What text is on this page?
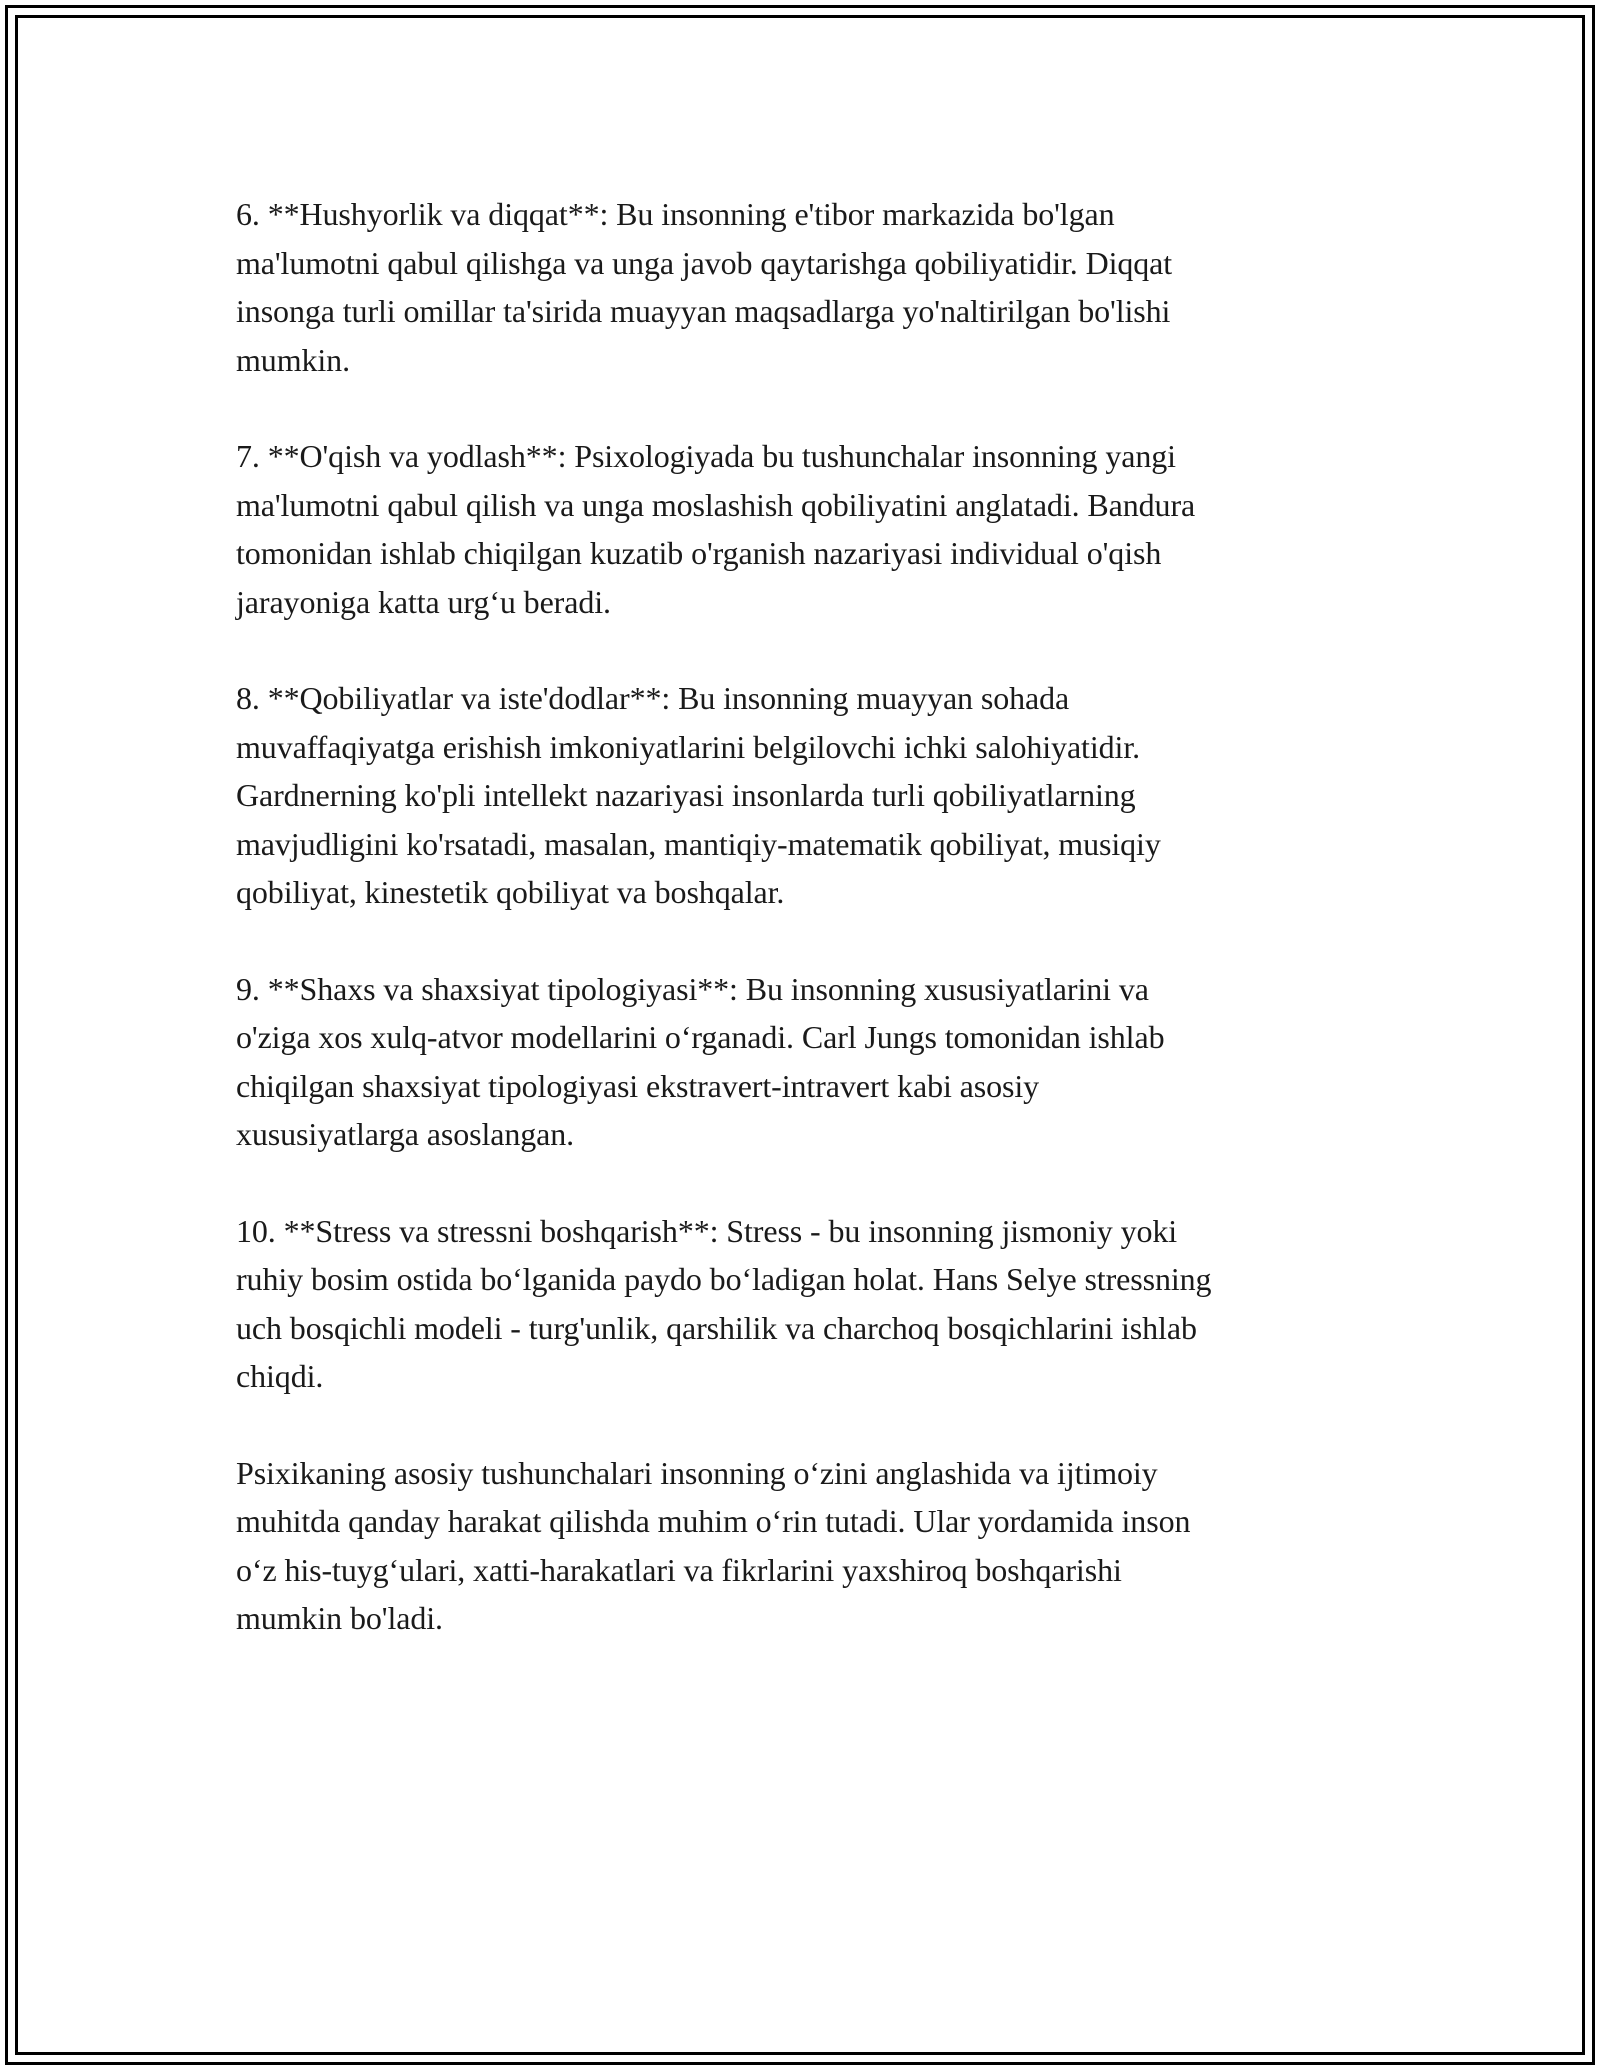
6. **Hushyorlik va diqqat**: Bu insonning e'tibor markazida bo'lgan
ma'lumotni qabul qilishga va unga javob qaytarishga qobiliyatidir. Diqqat
insonga turli omillar ta'sirida muayyan maqsadlarga yo'naltirilgan bo'lishi
mumkin.

7. **O'qish va yodlash**: Psixologiyada bu tushunchalar insonning yangi
ma'lumotni qabul qilish va unga moslashish qobiliyatini anglatadi. Bandura
tomonidan ishlab chiqilgan kuzatib o'rganish nazariyasi individual o'qish
jarayoniga katta urg‘u beradi.

8. **Qobiliyatlar va iste'dodlar**: Bu insonning muayyan sohada
muvaffaqiyatga erishish imkoniyatlarini belgilovchi ichki salohiyatidir.
Gardnerning ko'pli intellekt nazariyasi insonlarda turli qobiliyatlarning
mavjudligini ko'rsatadi, masalan, mantiqiy-matematik qobiliyat, musiqiy
qobiliyat, kinestetik qobiliyat va boshqalar.

9. **Shaxs va shaxsiyat tipologiyasi**: Bu insonning xususiyatlarini va
o'ziga xos xulq-atvor modellarini o‘rganadi. Carl Jungs tomonidan ishlab
chiqilgan shaxsiyat tipologiyasi ekstravert-intravert kabi asosiy
xususiyatlarga asoslangan.

10. **Stress va stressni boshqarish**: Stress - bu insonning jismoniy yoki
ruhiy bosim ostida bo‘lganida paydo bo‘ladigan holat. Hans Selye stressning
uch bosqichli modeli - turg'unlik, qarshilik va charchoq bosqichlarini ishlab
chiqdi.

Psixikaning asosiy tushunchalari insonning o‘zini anglashida va ijtimoiy
muhitda qanday harakat qilishda muhim o‘rin tutadi. Ular yordamida inson
o‘z his-tuyg‘ulari, xatti-harakatlari va fikrlarini yaxshiroq boshqarishi
mumkin bo'ladi.
